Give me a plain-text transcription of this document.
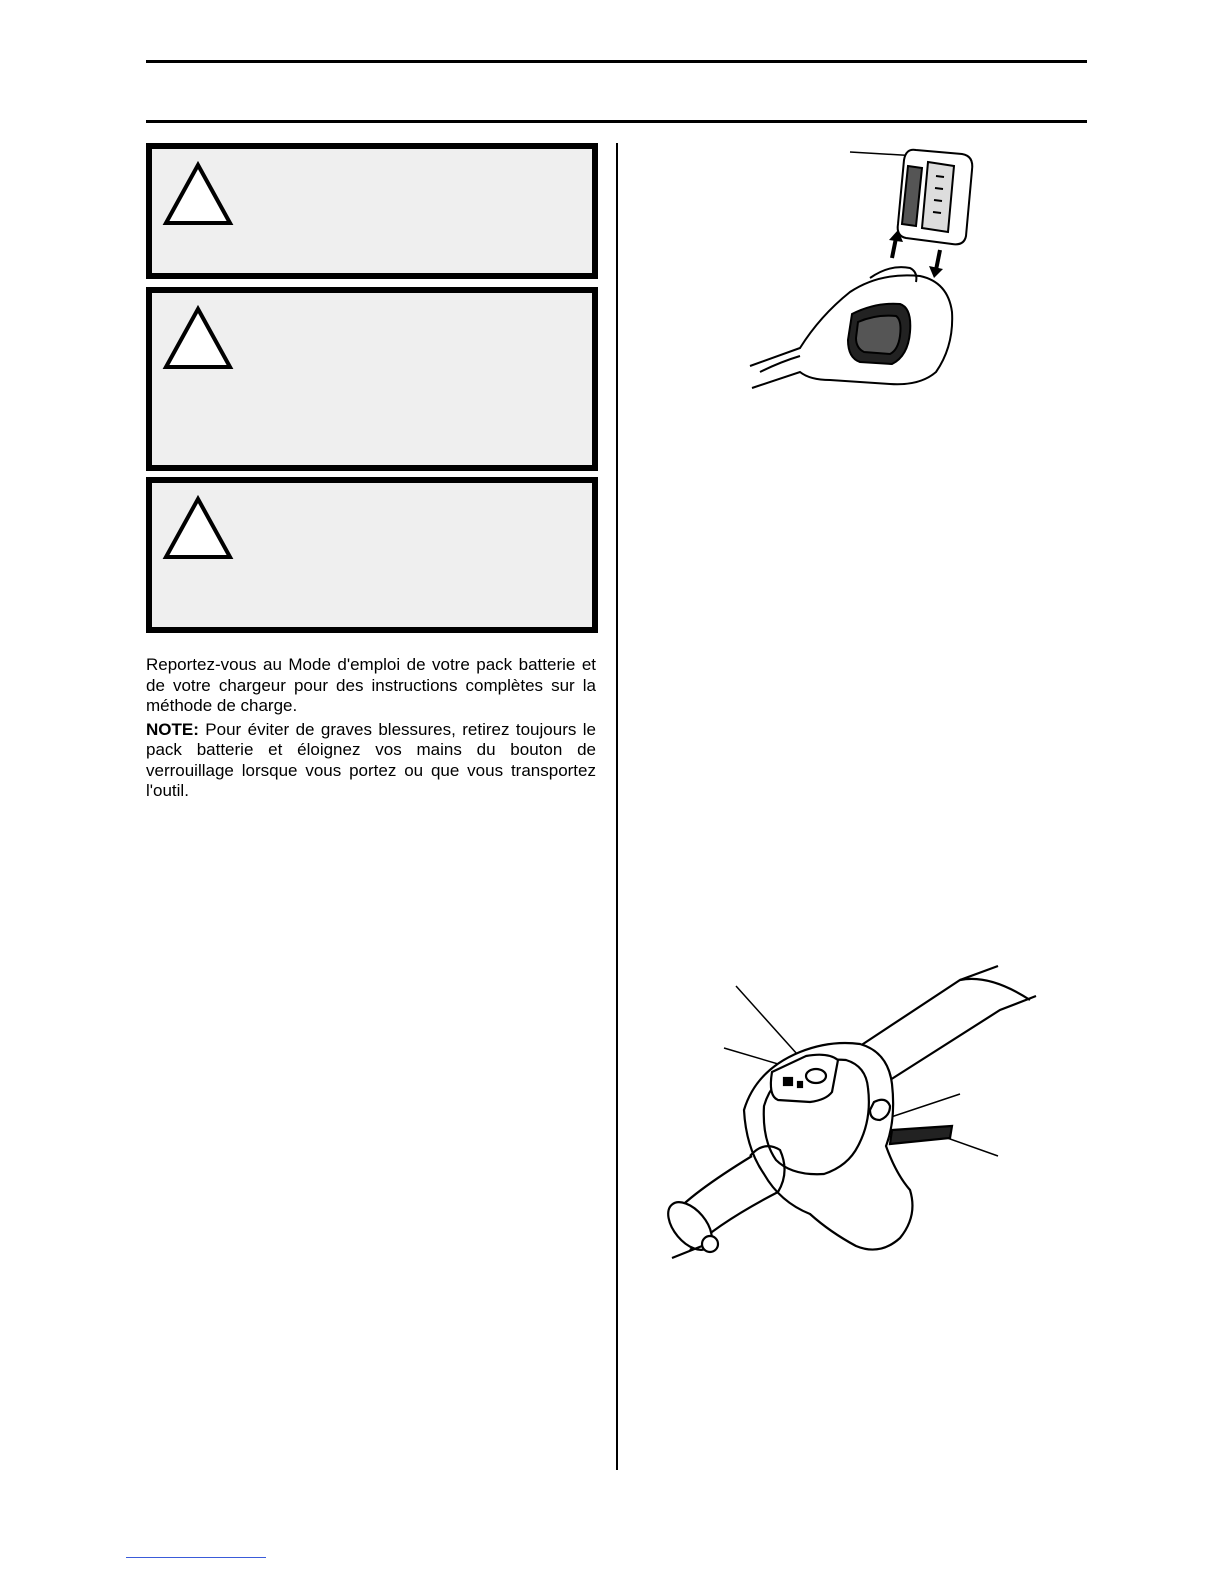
Reportez-vous au Mode d'emploi de votre pack batterie et de votre chargeur pour des instructions complètes sur la méthode de charge.

NOTE: Pour éviter de graves blessures, retirez toujours le pack batterie et éloignez vos mains du bouton de verrouillage lorsque vous portez ou que vous transportez l'outil.
